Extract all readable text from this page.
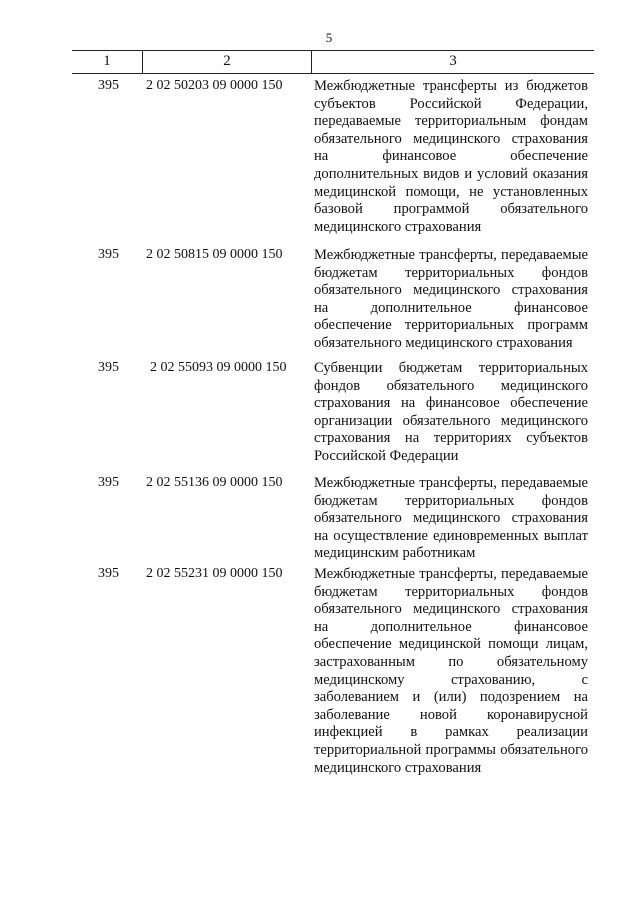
5
1	2	3
395 2 02 50203 09 0000 150 Межбюджетные трансферты из бюджетов субъектов Российской Федерации, передаваемые территориальным фондам обязательного медицинского страхования на финансовое обеспечение дополнительных видов и условий оказания медицинской помощи, не установленных базовой программой обязательного медицинского страхования
395 2 02 50815 09 0000 150 Межбюджетные трансферты, передаваемые бюджетам территориальных фондов обязательного медицинского страхования на дополнительное финансовое обеспечение территориальных программ обязательного медицинского страхования
395 2 02 55093 09 0000 150 Субвенции бюджетам территориальных фондов обязательного медицинского страхования на финансовое обеспечение организации обязательного медицинского страхования на территориях субъектов Российской Федерации
395 2 02 55136 09 0000 150 Межбюджетные трансферты, передаваемые бюджетам территориальных фондов обязательного медицинского страхования на осуществление единовременных выплат медицинским работникам
395 2 02 55231 09 0000 150 Межбюджетные трансферты, передаваемые бюджетам территориальных фондов обязательного медицинского страхования на дополнительное финансовое обеспечение медицинской помощи лицам, застрахованным по обязательному медицинскому страхованию, с заболеванием и (или) подозрением на заболевание новой коронавирусной инфекцией в рамках реализации территориальной программы обязательного медицинского страхования
